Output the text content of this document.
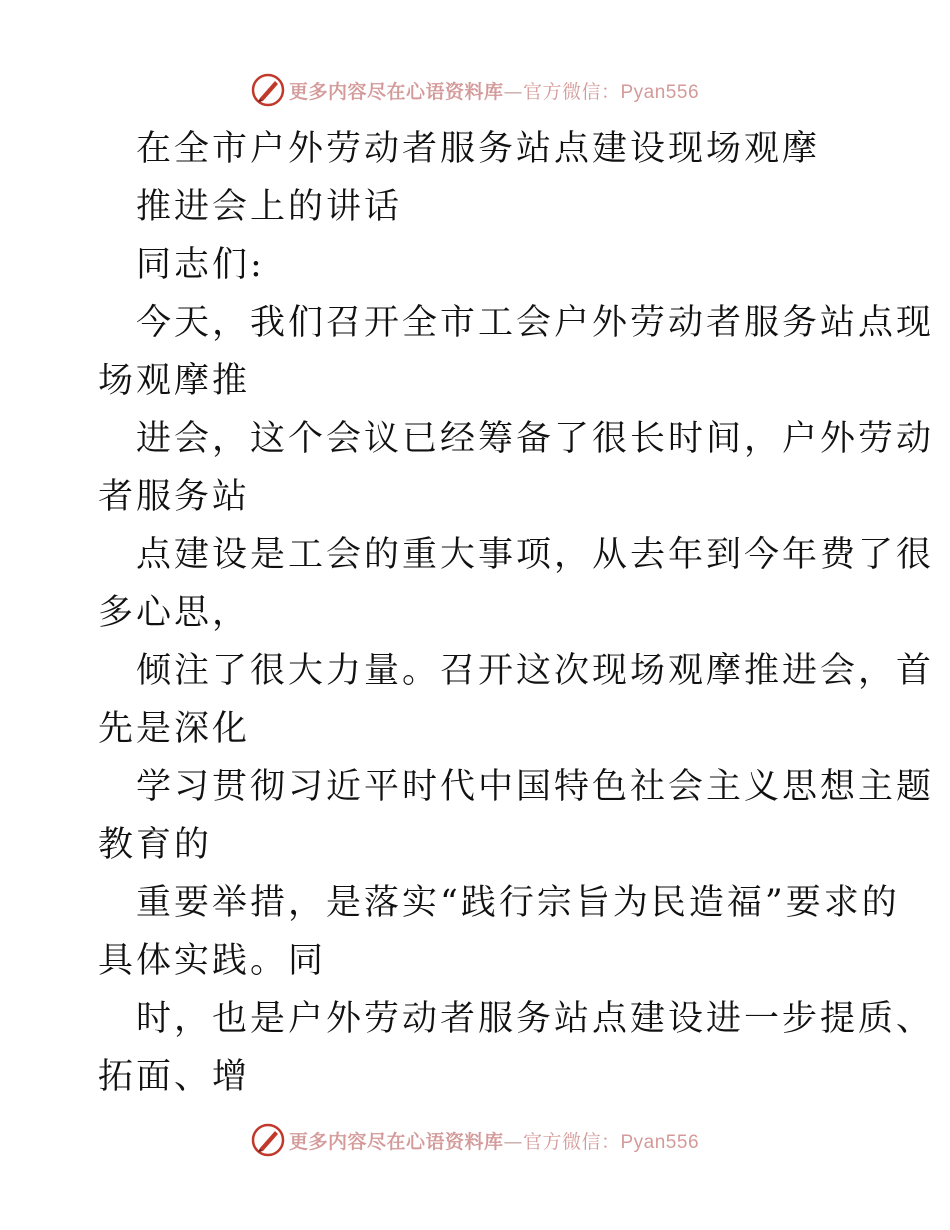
更多内容尽在心语资料库—官方微信：Pyan556
在全市户外劳动者服务站点建设现场观摩
推进会上的讲话
同志们:
今天，我们召开全市工会户外劳动者服务站点现
场观摩推
进会，这个会议已经筹备了很长时间，户外劳动
者服务站
点建设是工会的重大事项，从去年到今年费了很
多心思，
倾注了很大力量。召开这次现场观摩推进会，首
先是深化
学习贯彻习近平时代中国特色社会主义思想主题
教育的
重要举措，是落实“践行宗旨为民造福”要求的
具体实践。同
时，也是户外劳动者服务站点建设进一步提质、
拓面、增
更多内容尽在心语资料库—官方微信：Pyan556
